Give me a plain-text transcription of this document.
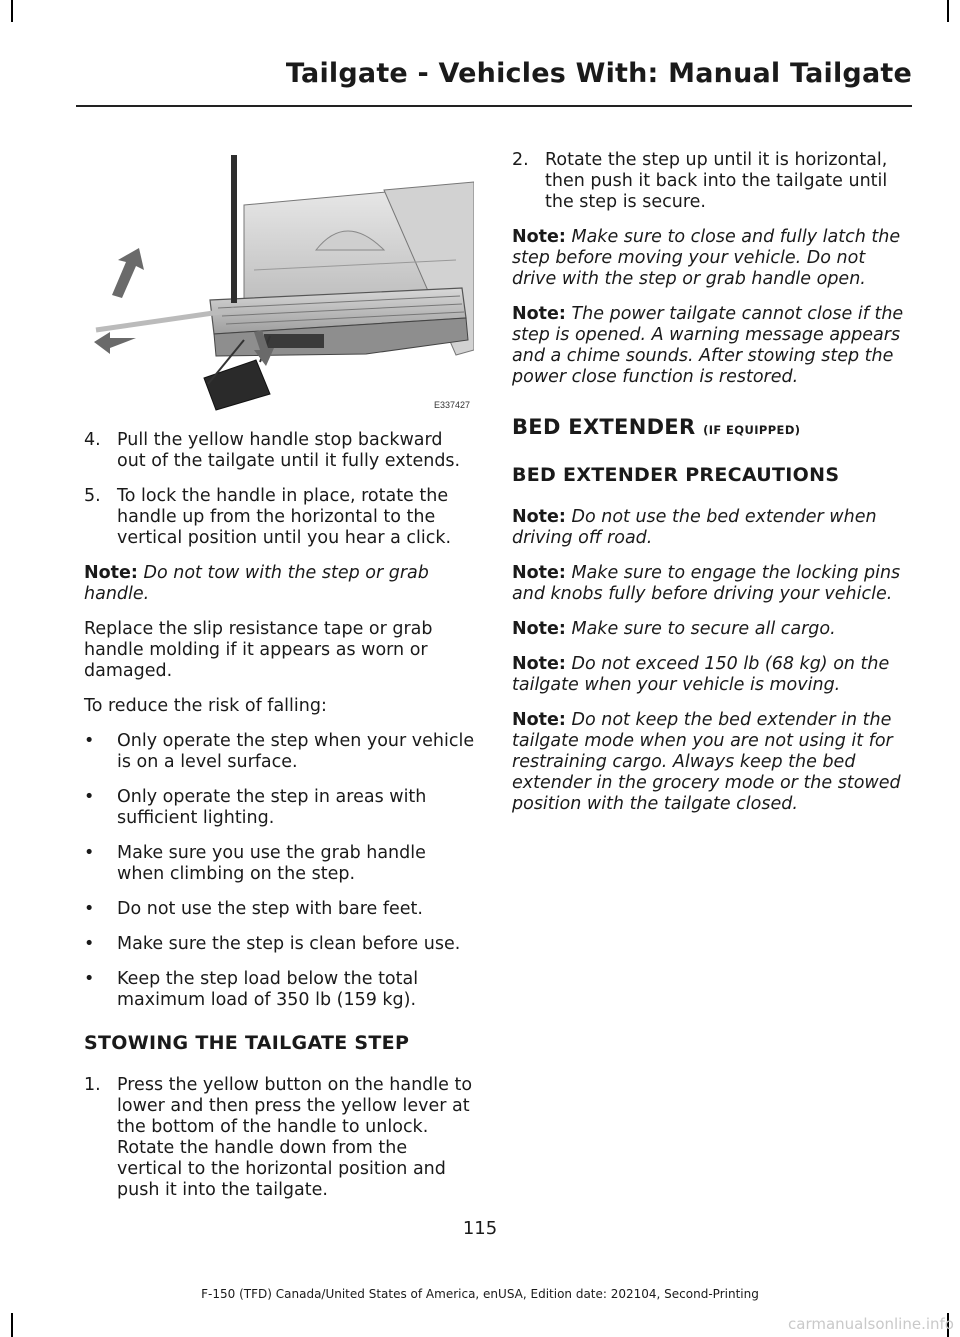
Tailgate - Vehicles With: Manual Tailgate
E337427
4. Pull the yellow handle stop backward out of the tailgate until it fully extends.
5. To lock the handle in place, rotate the handle up from the horizontal to the vertical position until you hear a click.

Note: Do not tow with the step or grab handle.

Replace the slip resistance tape or grab handle molding if it appears as worn or damaged.

To reduce the risk of falling:

• Only operate the step when your vehicle is on a level surface.
• Only operate the step in areas with sufficient lighting.
• Make sure you use the grab handle when climbing on the step.
• Do not use the step with bare feet.
• Make sure the step is clean before use.
• Keep the step load below the total maximum load of 350 lb (159 kg).
STOWING THE TAILGATE STEP
1. Press the yellow button on the handle to lower and then press the yellow lever at the bottom of the handle to unlock. Rotate the handle down from the vertical to the horizontal position and push it into the tailgate.
2. Rotate the step up until it is horizontal, then push it back into the tailgate until the step is secure.

Note: Make sure to close and fully latch the step before moving your vehicle. Do not drive with the step or grab handle open.

Note: The power tailgate cannot close if the step is opened. A warning message appears and a chime sounds. After stowing step the power close function is restored.

BED EXTENDER (IF EQUIPPED)
BED EXTENDER PRECAUTIONS

Note: Do not use the bed extender when driving off road.

Note: Make sure to engage the locking pins and knobs fully before driving your vehicle.

Note: Make sure to secure all cargo.

Note: Do not exceed 150 lb (68 kg) on the tailgate when your vehicle is moving.

Note: Do not keep the bed extender in the tailgate mode when you are not using it for restraining cargo. Always keep the bed extender in the grocery mode or the stowed position with the tailgate closed.

115
F-150 (TFD) Canada/United States of America, enUSA, Edition date: 202104, Second-Printing
carmanualsonline.info
